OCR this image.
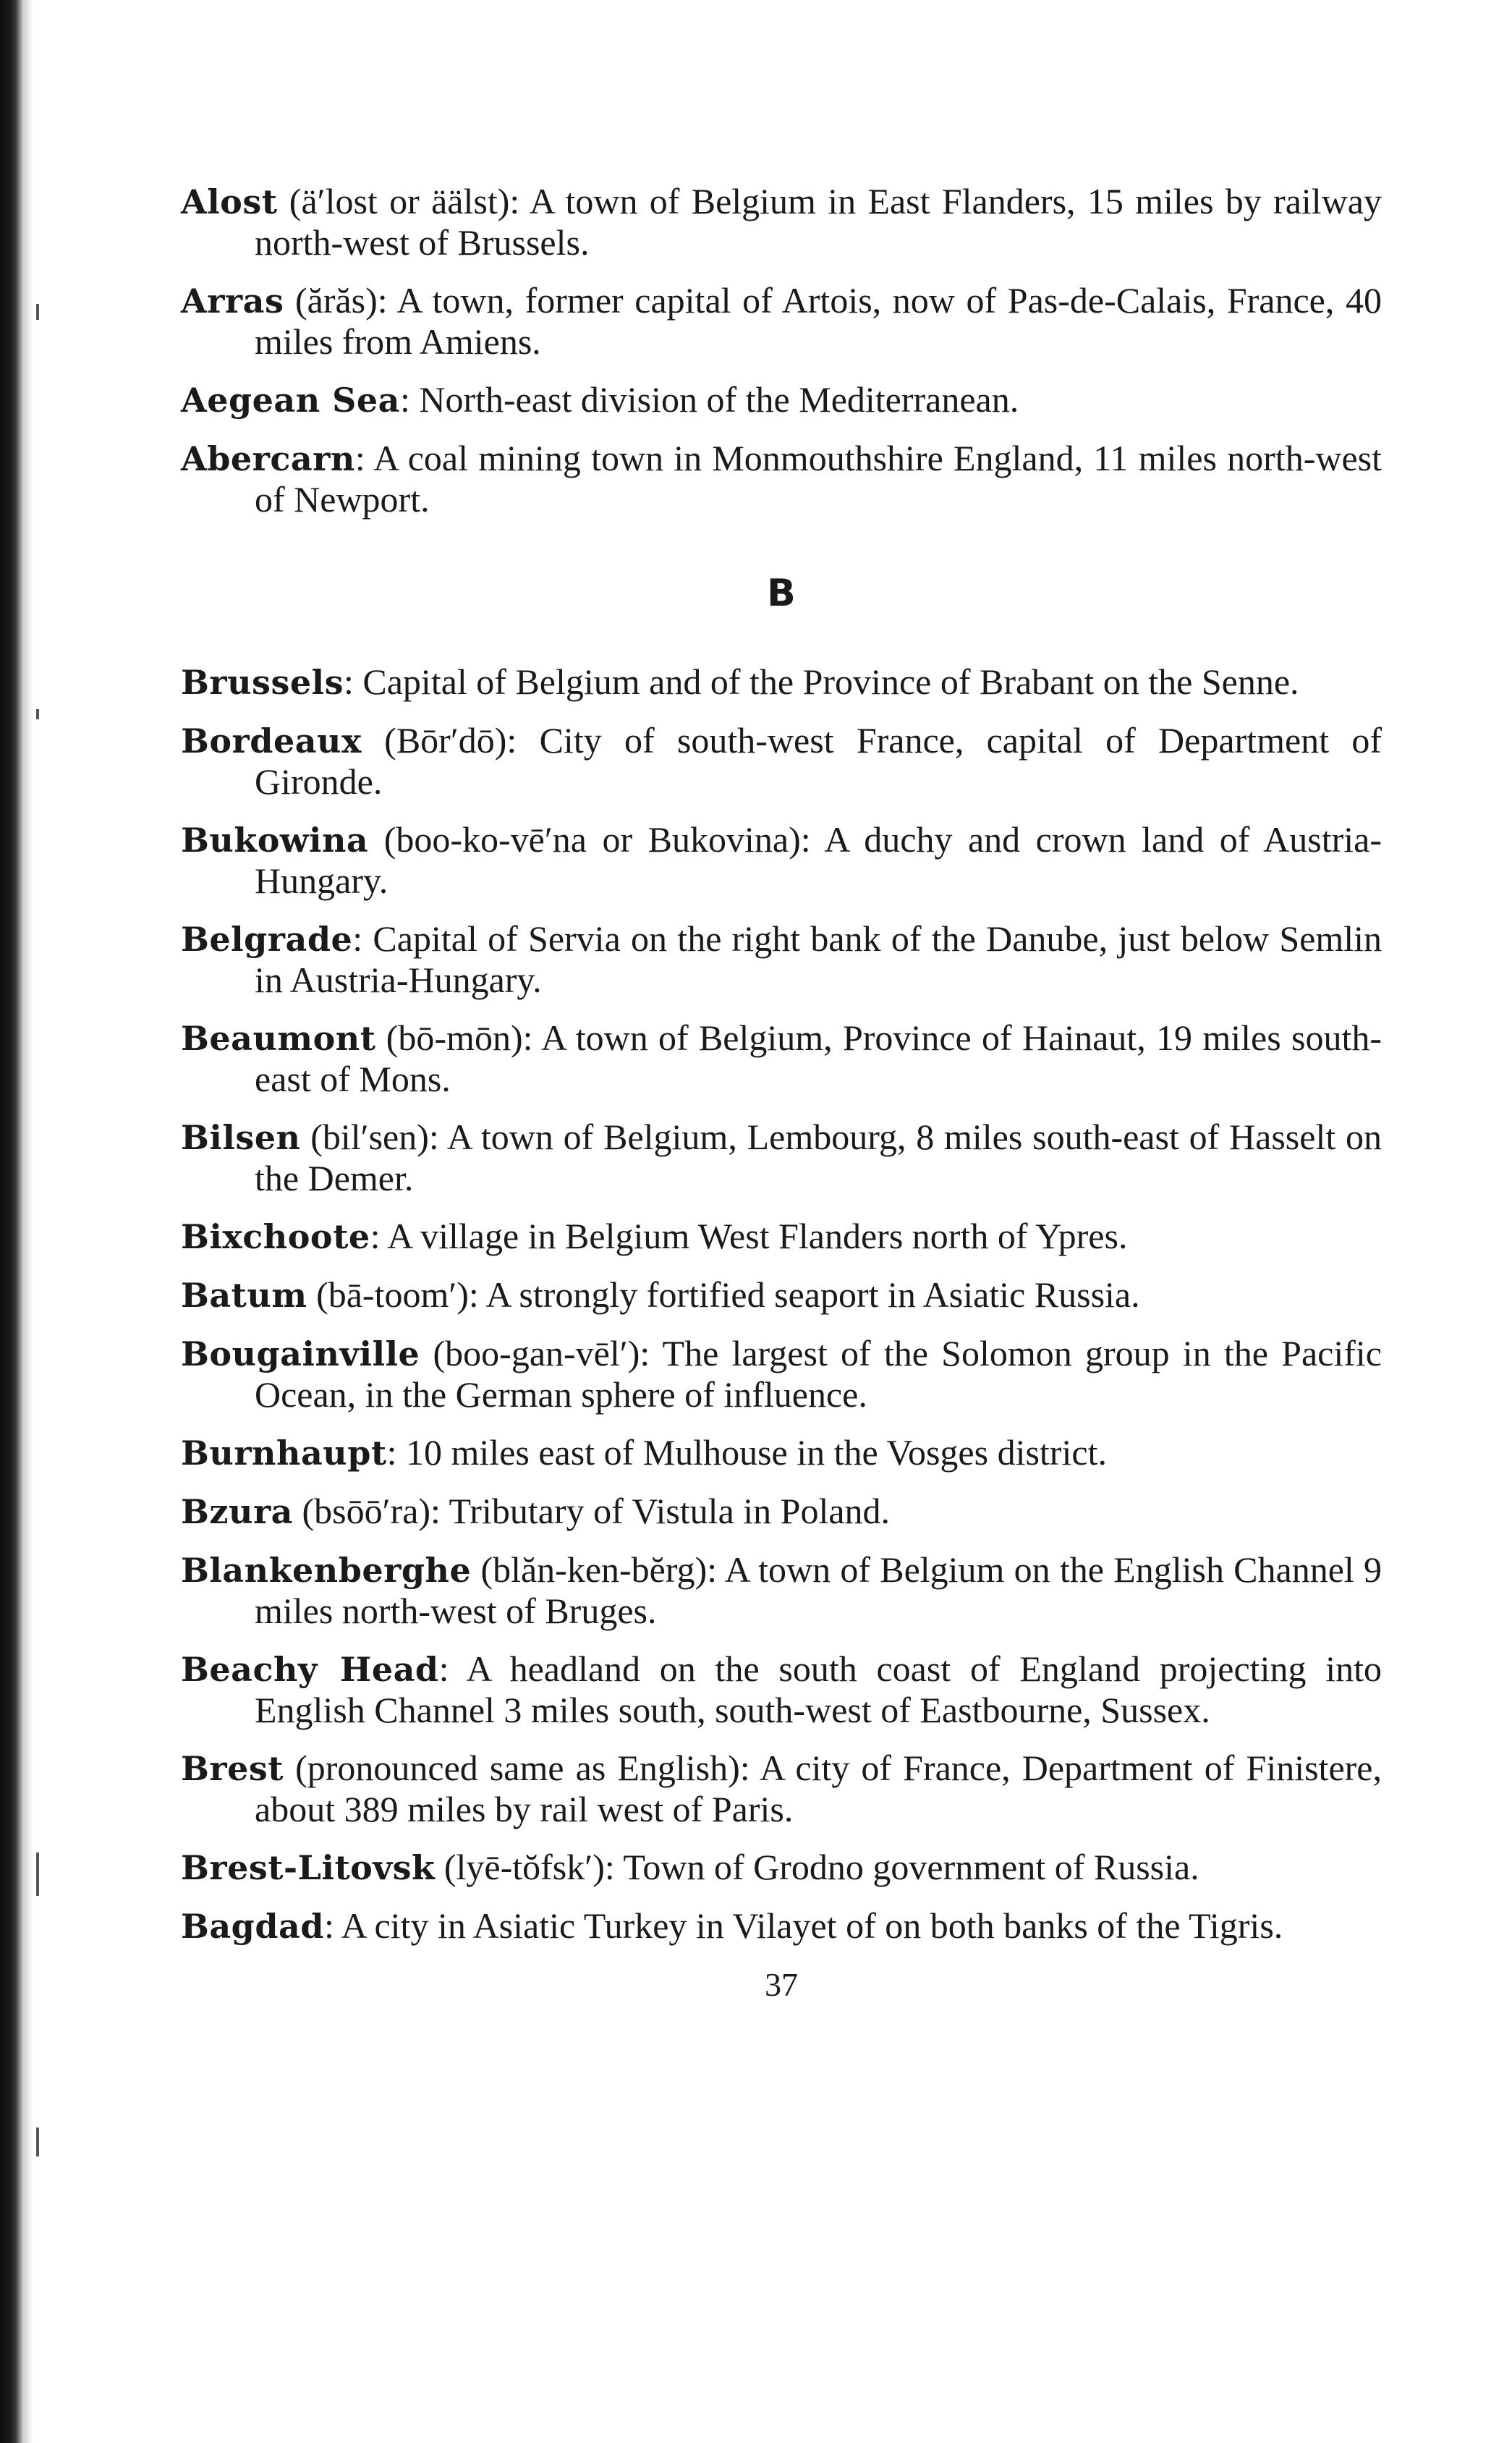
Alost (ä′lost or äälst): A town of Belgium in East Flanders, 15 miles by railway north-west of Brussels.

Arras (ărăs): A town, former capital of Artois, now of Pas-de-Calais, France, 40 miles from Amiens.

Aegean Sea: North-east division of the Mediterranean.

Abercarn: A coal mining town in Monmouthshire England, 11 miles north-west of Newport.

B

Brussels: Capital of Belgium and of the Province of Brabant on the Senne.

Bordeaux (Bōr′dō): City of south-west France, capital of Department of Gironde.

Bukowina (boo-ko-vē′na or Bukovina): A duchy and crown land of Austria-Hungary.

Belgrade: Capital of Servia on the right bank of the Danube, just below Semlin in Austria-Hungary.

Beaumont (bō-mōn): A town of Belgium, Province of Hainaut, 19 miles south-east of Mons.

Bilsen (bil′sen): A town of Belgium, Lembourg, 8 miles south-east of Hasselt on the Demer.

Bixchoote: A village in Belgium West Flanders north of Ypres.

Batum (bā-toom′): A strongly fortified seaport in Asiatic Russia.

Bougainville (boo-gan-vēl′): The largest of the Solomon group in the Pacific Ocean, in the German sphere of influence.

Burnhaupt: 10 miles east of Mulhouse in the Vosges district.

Bzura (bsōō′ra): Tributary of Vistula in Poland.

Blankenberghe (blăn-ken-bĕrg): A town of Belgium on the English Channel 9 miles north-west of Bruges.

Beachy Head: A headland on the south coast of England projecting into English Channel 3 miles south, south-west of Eastbourne, Sussex.

Brest (pronounced same as English): A city of France, Department of Finistere, about 389 miles by rail west of Paris.

Brest-Litovsk (lyē-tŏfsk′): Town of Grodno government of Russia.

Bagdad: A city in Asiatic Turkey in Vilayet of on both banks of the Tigris.

37
